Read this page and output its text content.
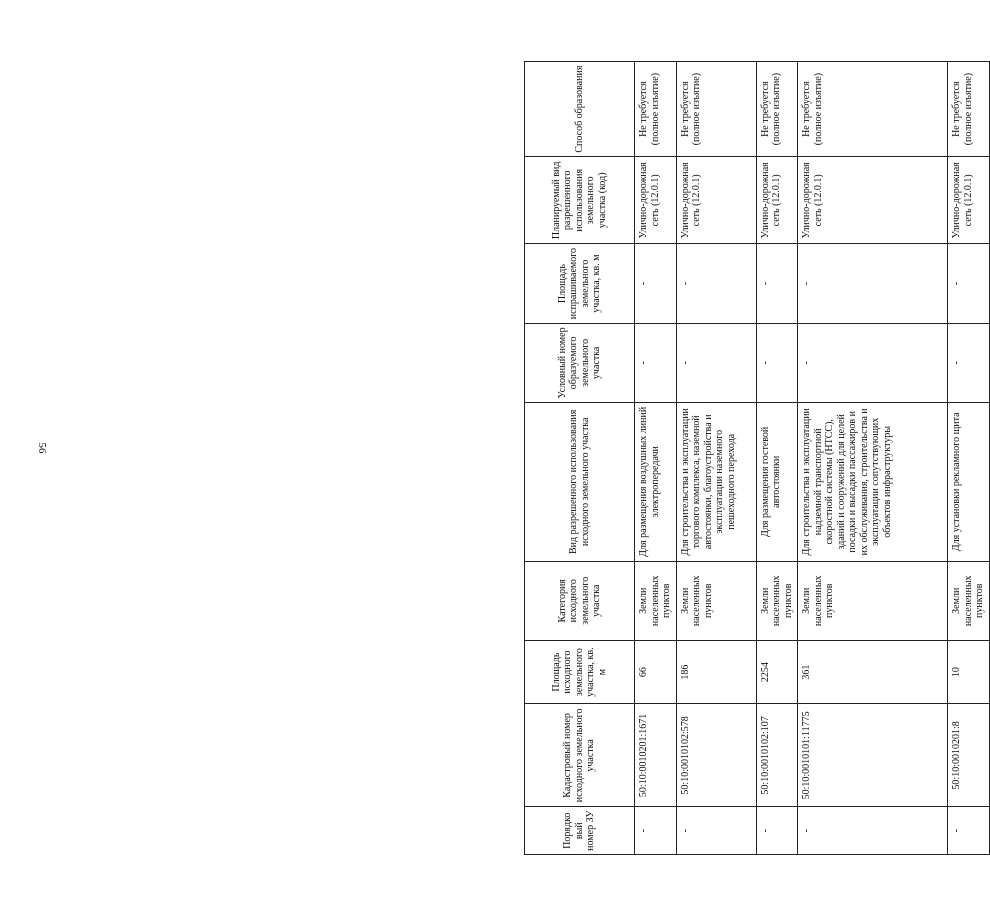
56
Порядковый номер ЗУ	Кадастровый номер исходного земельного участка	Площадь исходного земельного участка, кв. м	Категория исходного земельного участка	Вид разрешенного использования исходного земельного участка	Условный номер образуемого земельного участка	Площадь испрашиваемого земельного участка, кв. м	Планируемый вид разрешенного использования земельного участка (код)	Способ образования
-	50:10:0010201:1671	66	Земли населенных пунктов	Для размещения воздушных линий электропередачи	-	-	Улично-дорожная сеть (12.0.1)	Не требуется (полное изъятие)
-	50:10:0010102:578	186	Земли населенных пунктов	Для строительства и эксплуатации торгового комплекса, наземной автостоянки, благоустройства и эксплуатации наземного пешеходного перехода	-	-	Улично-дорожная сеть (12.0.1)	Не требуется (полное изъятие)
-	50:10:0010102:107	2254	Земли населенных пунктов	Для размещения гостевой автостоянки	-	-	Улично-дорожная сеть (12.0.1)	Не требуется (полное изъятие)
-	50:10:0010101:11775	361	Земли населенных пунктов	Для строительства и эксплуатации надземной транспортной скоростной системы (НТСС), зданий и сооружений для целей посадки и высадки пассажиров и их обслуживания, строительства и эксплуатации сопутствующих объектов инфраструктуры	-	-	Улично-дорожная сеть (12.0.1)	Не требуется (полное изъятие)
-	50:10:0010201:8	10	Земли населенных пунктов	Для установки рекламного щита	-	-	Улично-дорожная сеть (12.0.1)	Не требуется (полное изъятие)
